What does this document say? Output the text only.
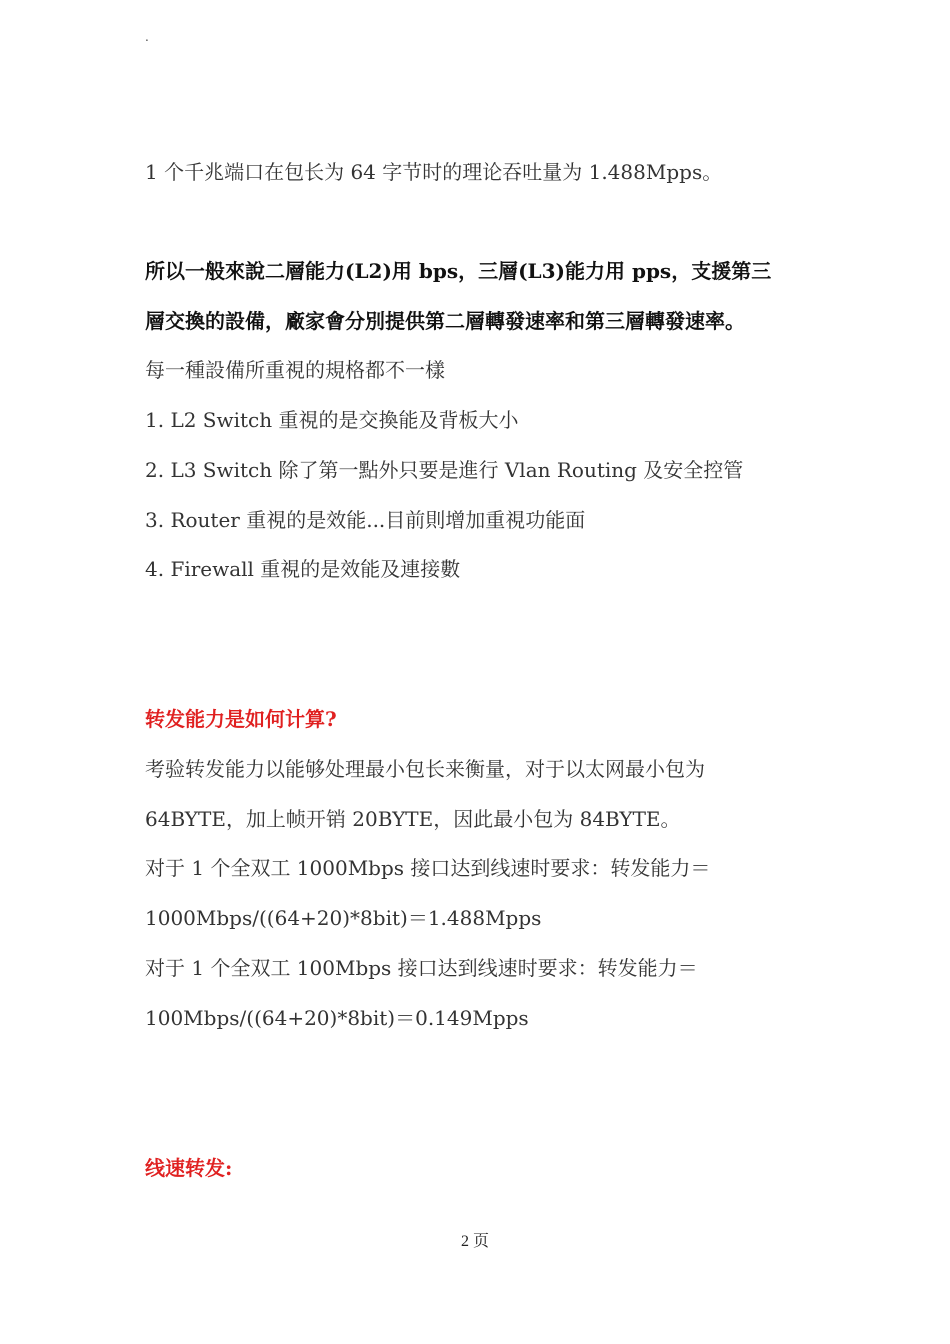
.
1 个千兆端口在包长为 64 字节时的理论吞吐量为 1.488Mpps。
所以一般來說二層能力(L2)用 bps，三層(L3)能力用 pps，支援第三
層交換的設備，廠家會分別提供第二層轉發速率和第三層轉發速率。
每一種設備所重視的規格都不一樣
1. L2 Switch 重視的是交換能及背板大小
2. L3 Switch 除了第一點外只要是進行 Vlan Routing 及安全控管
3. Router 重視的是效能...目前則增加重視功能面
4. Firewall 重視的是效能及連接數
转发能力是如何计算?
考验转发能力以能够处理最小包长来衡量，对于以太网最小包为
64BYTE，加上帧开销 20BYTE，因此最小包为 84BYTE。
对于 1 个全双工 1000Mbps 接口达到线速时要求：转发能力＝
1000Mbps/((64+20)*8bit)＝1.488Mpps
对于 1 个全双工 100Mbps 接口达到线速时要求：转发能力＝
100Mbps/((64+20)*8bit)＝0.149Mpps
线速转发:
2 页
